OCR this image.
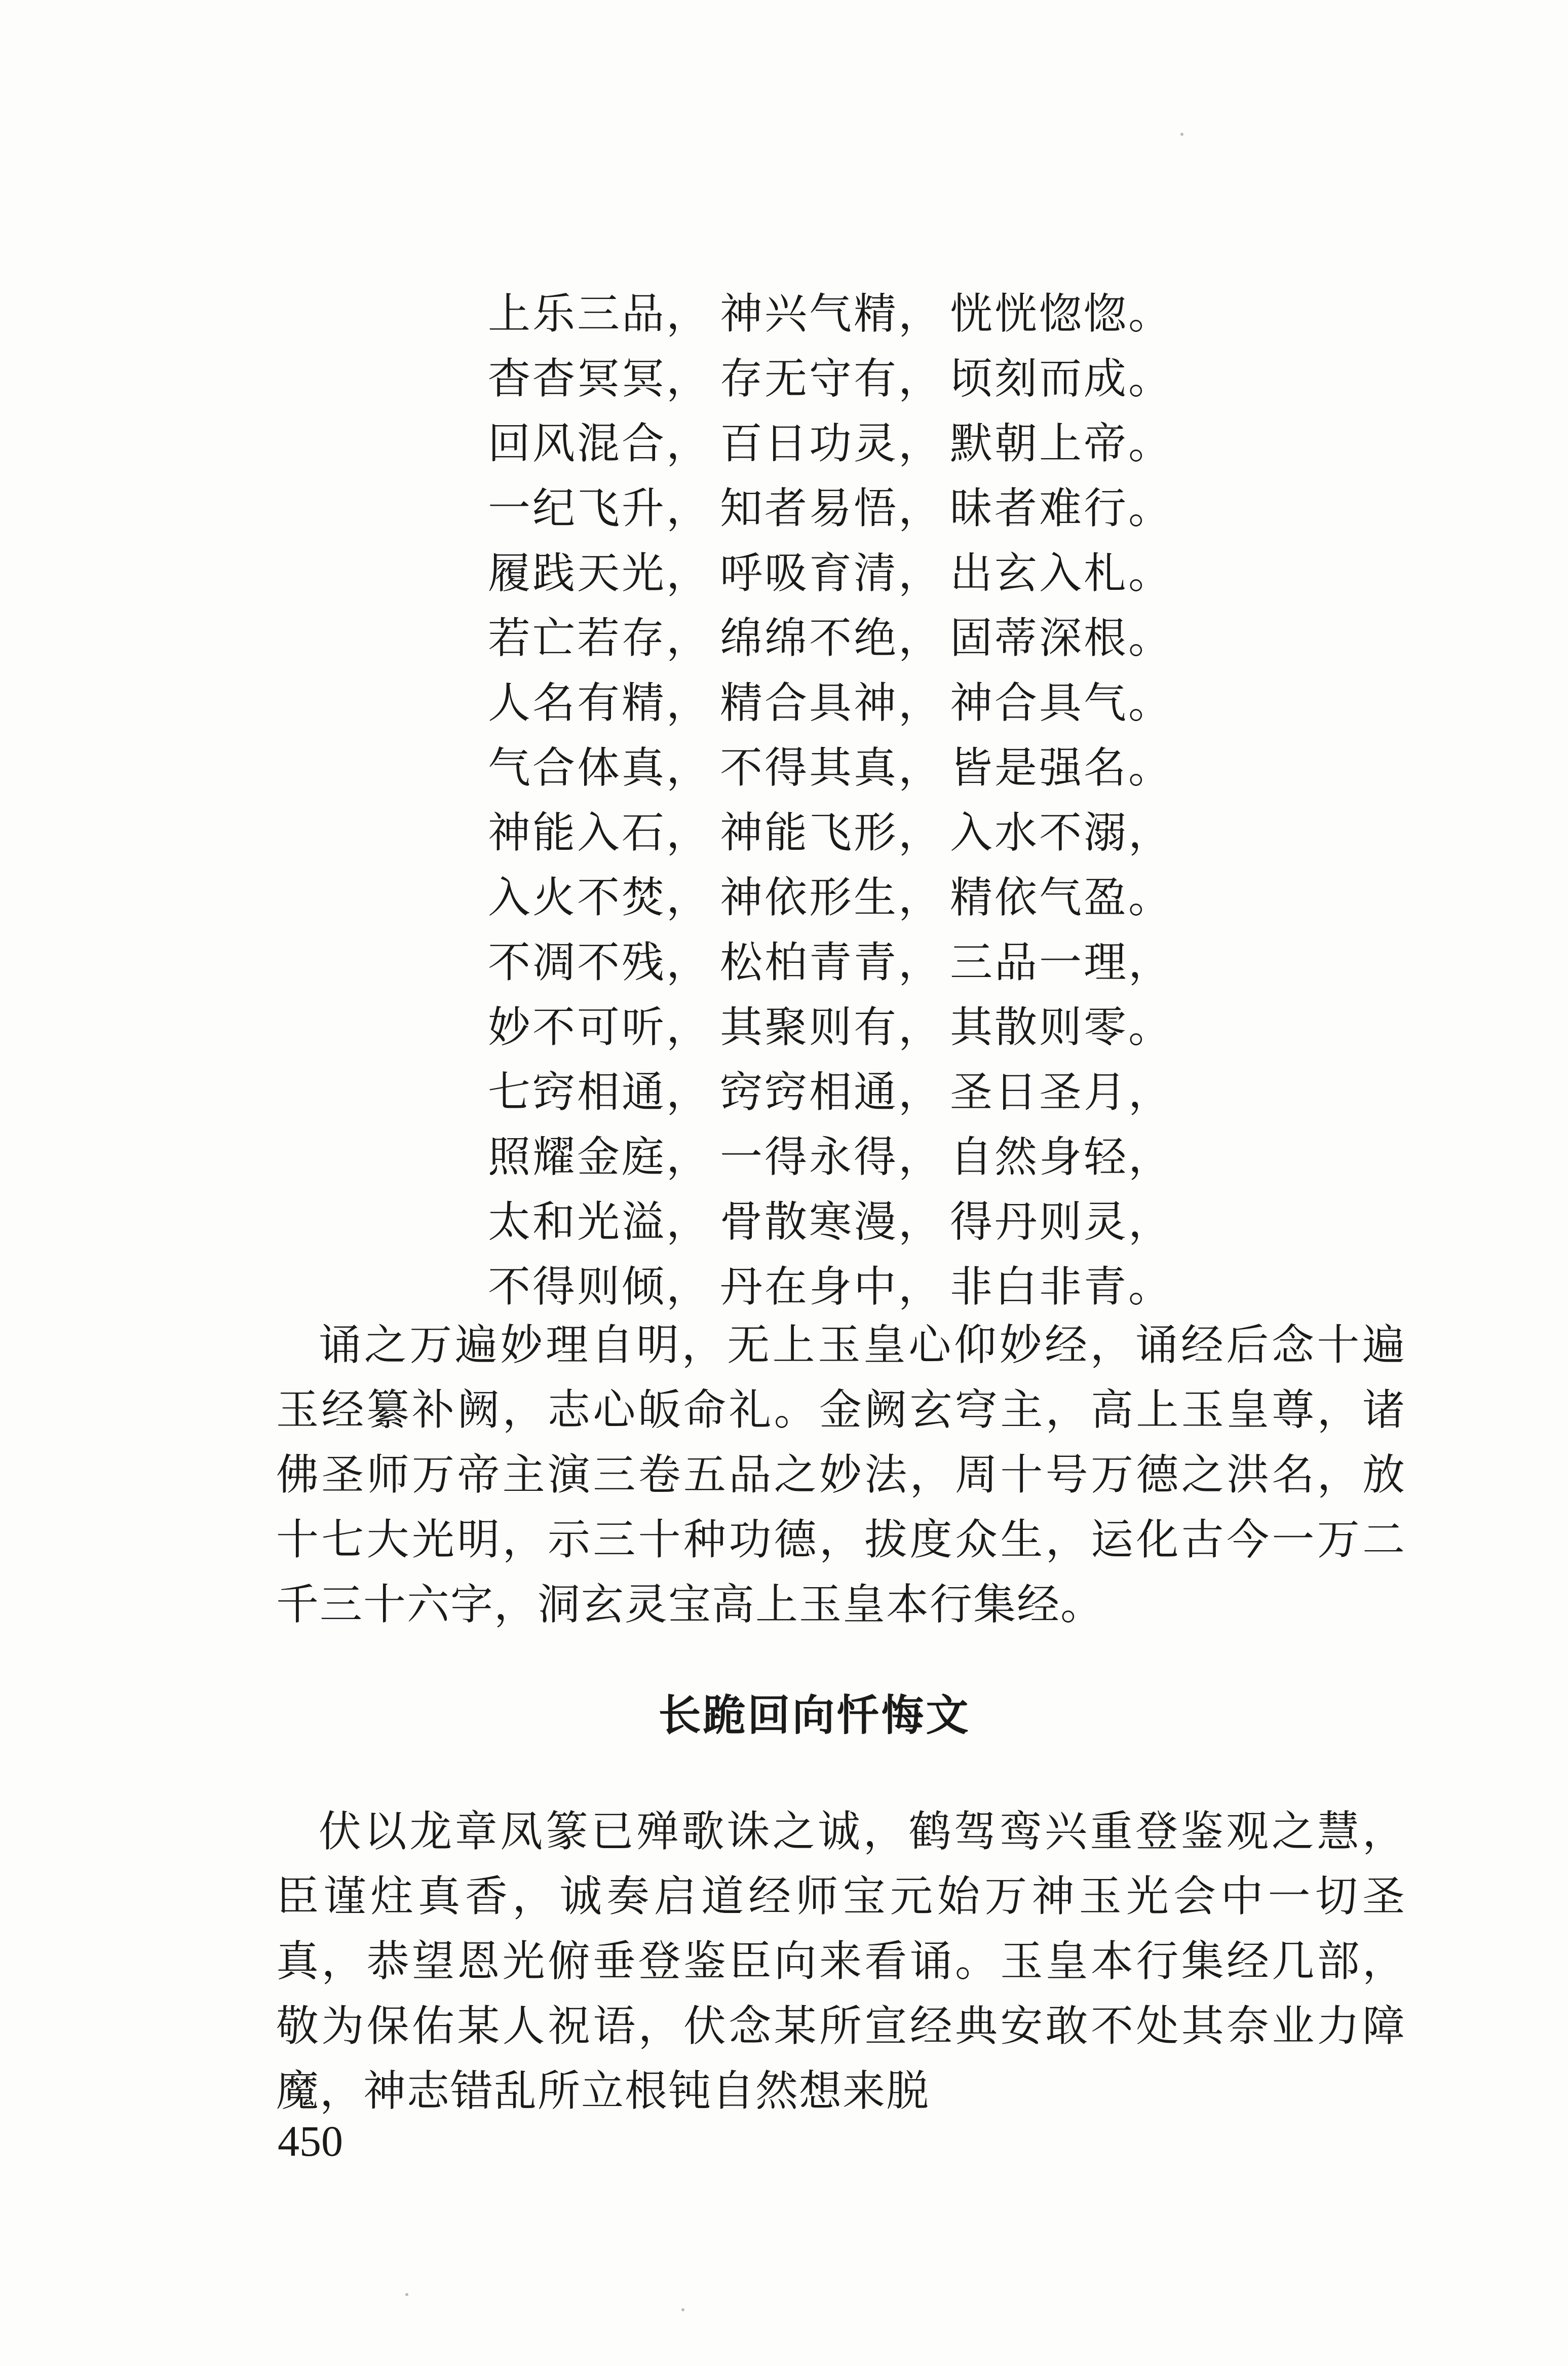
上乐三品， 神兴气精， 恍恍惚惚。
杳杳冥冥， 存无守有， 顷刻而成。
回风混合， 百日功灵， 默朝上帝。
一纪飞升， 知者易悟， 昧者难行。
履践天光， 呼吸育清， 出玄入札。
若亡若存， 绵绵不绝， 固蒂深根。
人名有精， 精合具神， 神合具气。
气合体真， 不得其真， 皆是强名。
神能入石， 神能飞形， 入水不溺，
入火不焚， 神依形生， 精依气盈。
不凋不残， 松柏青青， 三品一理，
妙不可听， 其聚则有， 其散则零。
七窍相通， 窍窍相通， 圣日圣月，
照耀金庭， 一得永得， 自然身轻，
太和光溢， 骨散寒漫， 得丹则灵，
不得则倾， 丹在身中， 非白非青。
诵之万遍妙理自明，无上玉皇心仰妙经，诵经后念十遍玉经纂补阙，志心皈命礼。金阙玄穹主，高上玉皇尊，诸佛圣师万帝主演三卷五品之妙法，周十号万德之洪名，放十七大光明，示三十种功德，拔度众生，运化古今一万二千三十六字，洞玄灵宝高上玉皇本行集经。
长跪回向忏悔文
伏以龙章凤篆已殚歌诛之诚，鹤驾鸾兴重登鉴观之慧，臣谨炷真香，诚奏启道经师宝元始万神玉光会中一切圣真，恭望恩光俯垂登鉴臣向来看诵。玉皇本行集经几部，敬为保佑某人祝语，伏念某所宣经典安敢不处其奈业力障魔，神志错乱所立根钝自然想来脱
450
